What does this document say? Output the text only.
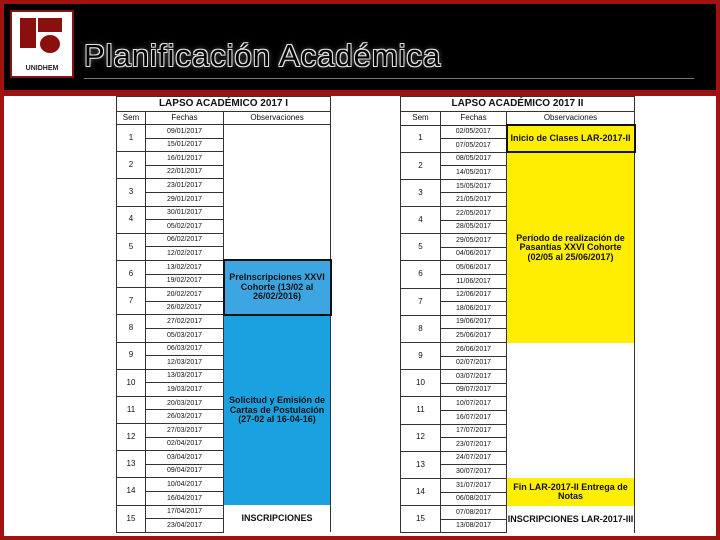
UNIDHEM Planificación Académica
LAPSO ACADÉMICO 2017 I		
Sem	Fechas	Observaciones
1	09/01/2017	
	15/01/2017	
2	16/01/2017	
	22/01/2017	
3	23/01/2017	
	29/01/2017	
4	30/01/2017	
	05/02/2017	
5	06/02/2017	
	12/02/2017	
6	13/02/2017	PreInscripciones XXVI Cohorte (13/02 al 26/02/2016)
	19/02/2017	
7	20/02/2017	
	26/02/2017	
8	27/02/2017	Solicitud y Emisión de Cartas de Postulación (27-02 al 16-04-16)
	05/03/2017	
9	06/03/2017	
	12/03/2017	
10	13/03/2017	
	19/03/2017	
11	20/03/2017	
	26/03/2017	
12	27/03/2017	
	02/04/2017	
13	03/04/2017	
	09/04/2017	
14	10/04/2017	
	16/04/2017	
15	17/04/2017	INSCRIPCIONES
	23/04/2017	
LAPSO ACADÉMICO 2017 II		
Sem	Fechas	Observaciones
1	02/05/2017	Inicio de Clases LAR-2017-II
	07/05/2017	
2	08/05/2017	Período de realización de Pasantías XXVI Cohorte (02/05 al 25/06/2017)
	14/05/2017	
3	15/05/2017	
	21/05/2017	
4	22/05/2017	
	28/05/2017	
5	29/05/2017	
	04/06/2017	
6	05/06/2017	
	11/06/2017	
7	12/06/2017	
	18/06/2017	
8	19/06/2017	
	25/06/2017	
9	26/06/2017	
	02/07/2017	
10	03/07/2017	
	09/07/2017	
11	10/07/2017	
	16/07/2017	
12	17/07/2017	
	23/07/2017	
13	24/07/2017	
	30/07/2017	
14	31/07/2017	Fin LAR-2017-II Entrega de Notas
	06/08/2017	
15	07/08/2017	INSCRIPCIONES LAR-2017-III
	13/08/2017	
